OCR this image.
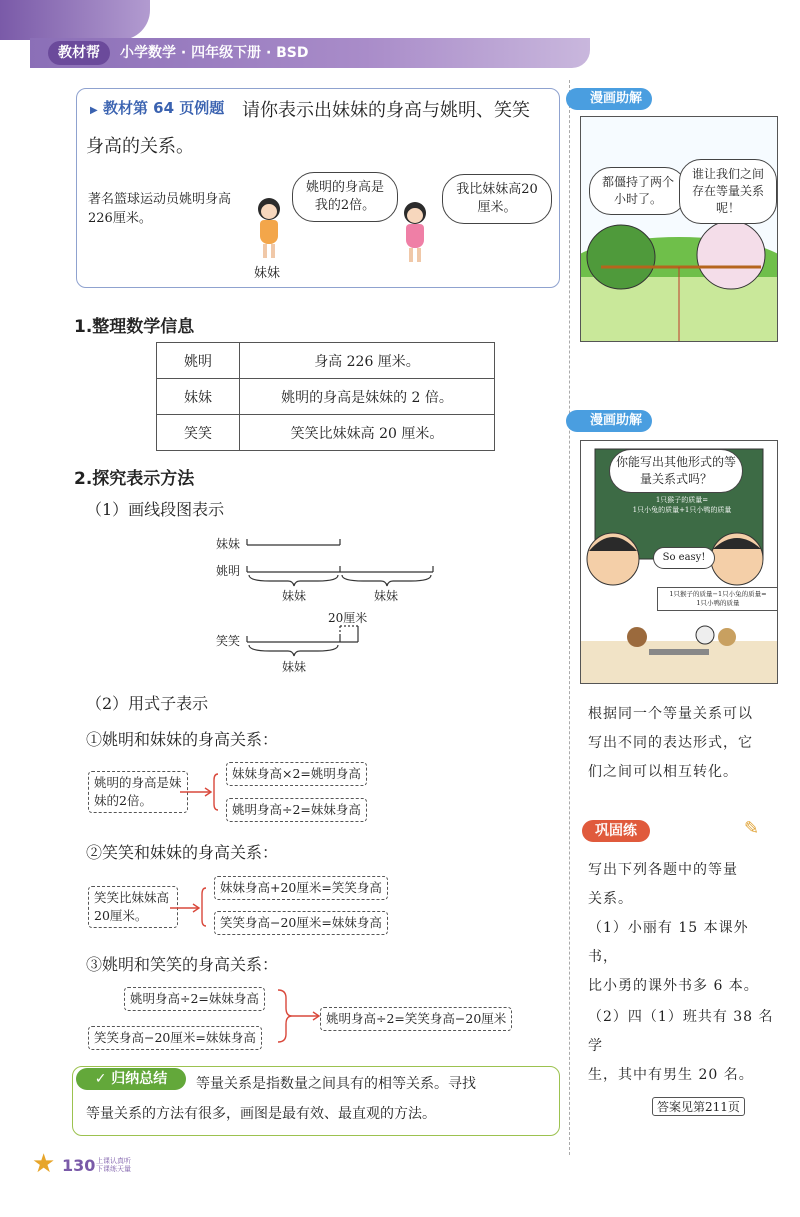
教材帮	小学数学 · 四年级下册 · BSD
▶ 教材第 64 页例题 请你表示出妹妹的身高与姚明、笑笑
身高的关系。
著名篮球运动员姚明身高226厘米。
姚明的身高是我的2倍。
我比妹妹高20厘米。
妹妹
1.整理数学信息
姚明	身高 226 厘米。
妹妹	姚明的身高是妹妹的 2 倍。
笑笑	笑笑比妹妹高 20 厘米。
2.探究表示方法
（1）画线段图表示
妹妹
姚明
妹妹	妹妹
20厘米
笑笑
妹妹
（2）用式子表示
①姚明和妹妹的身高关系：
姚明的身高是妹妹的2倍。
妹妹身高×2=姚明身高
姚明身高÷2=妹妹身高
②笑笑和妹妹的身高关系：
笑笑比妹妹高20厘米。
妹妹身高+20厘米=笑笑身高
笑笑身高−20厘米=妹妹身高
③姚明和笑笑的身高关系：
姚明身高÷2=妹妹身高
笑笑身高−20厘米=妹妹身高
姚明身高÷2=笑笑身高−20厘米
✓ 归纳总结	等量关系是指数量之间具有的相等关系。寻找
等量关系的方法有很多，画图是最有效、最直观的方法。
★ 130 上课认真听
下课练天量
漫画助解
都僵持了两个小时了。
谁让我们之间存在等量关系呢！
漫画助解
你能写出其他形式的等量关系式吗？
1只猴子的质量=
1只小兔的质量+1只小鸭的质量
So easy!
1只猴子的质量−1只小兔的质量=
1只小鸭的质量
根据同一个等量关系可以
写出不同的表达形式，它
们之间可以相互转化。
巩固练	✎
写出下列各题中的等量
关系。
（1）小丽有 15 本课外书，
比小勇的课外书多 6 本。
（2）四（1）班共有 38 名学
生，其中有男生 20 名。
答案见第211页
